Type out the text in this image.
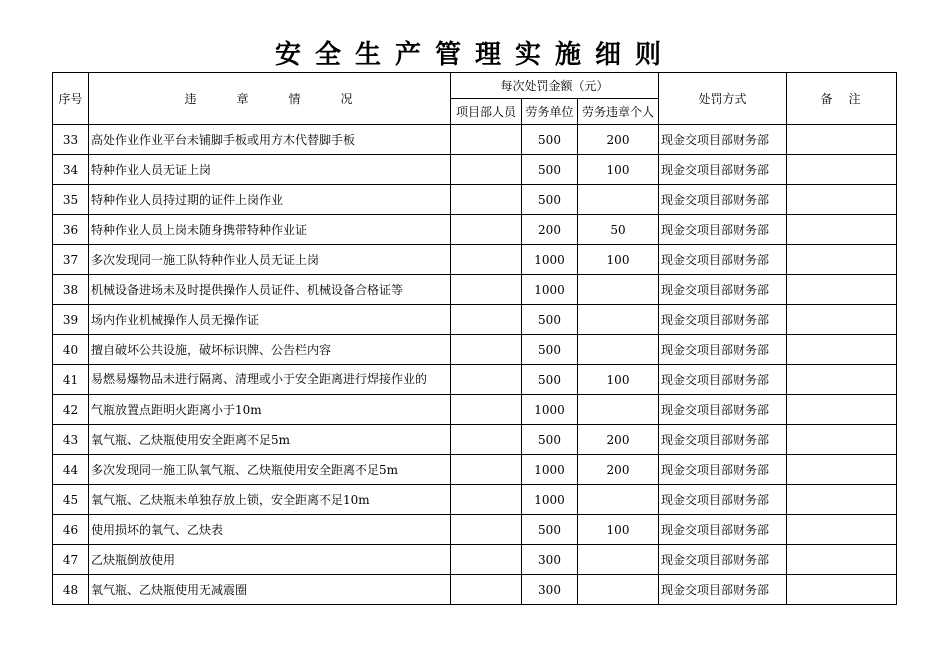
安全生产管理实施细则
序号	违章情况	每次处罚金额（元）			处罚方式	备注
		项目部人员	劳务单位	劳务违章个人		
33	高处作业作业平台未铺脚手板或用方木代替脚手板		500	200	现金交项目部财务部	
34	特种作业人员无证上岗		500	100	现金交项目部财务部	
35	特种作业人员持过期的证件上岗作业		500		现金交项目部财务部	
36	特种作业人员上岗未随身携带特种作业证		200	50	现金交项目部财务部	
37	多次发现同一施工队特种作业人员无证上岗		1000	100	现金交项目部财务部	
38	机械设备进场未及时提供操作人员证件、机械设备合格证等		1000		现金交项目部财务部	
39	场内作业机械操作人员无操作证		500		现金交项目部财务部	
40	擅自破坏公共设施，破坏标识牌、公告栏内容		500		现金交项目部财务部	
41	易燃易爆物品未进行隔离、清理或小于安全距离进行焊接作业的		500	100	现金交项目部财务部	
42	气瓶放置点距明火距离小于10m		1000		现金交项目部财务部	
43	氧气瓶、乙炔瓶使用安全距离不足5m		500	200	现金交项目部财务部	
44	多次发现同一施工队氧气瓶、乙炔瓶使用安全距离不足5m		1000	200	现金交项目部财务部	
45	氧气瓶、乙炔瓶未单独存放上锁，安全距离不足10m		1000		现金交项目部财务部	
46	使用损坏的氧气、乙炔表		500	100	现金交项目部财务部	
47	乙炔瓶倒放使用		300		现金交项目部财务部	
48	氧气瓶、乙炔瓶使用无减震圈		300		现金交项目部财务部	
